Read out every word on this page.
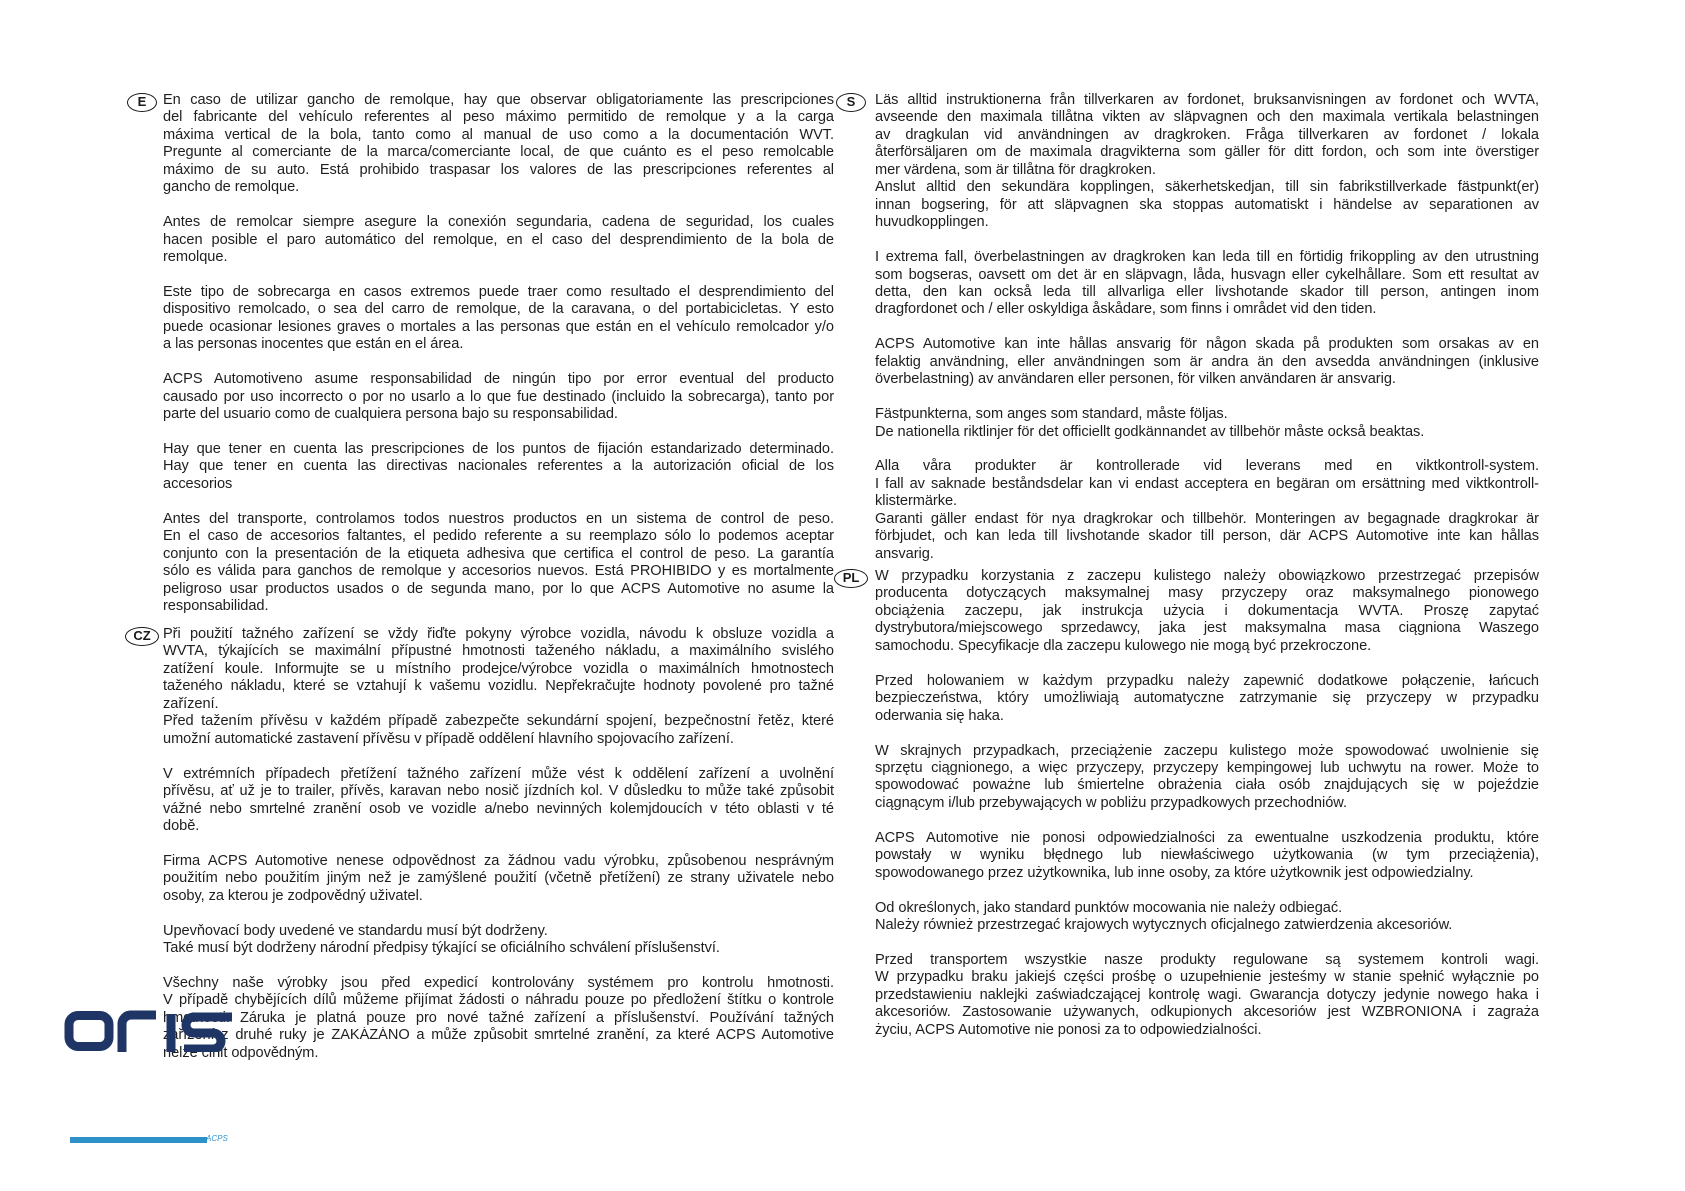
E	En caso de utilizar gancho de remolque, hay que observar obligatoriamente las prescripciones
del fabricante del vehículo referentes al peso máximo permitido de remolque y a la carga
máxima vertical de la bola, tanto como al manual de uso como a la documentación WVT.
Pregunte al comerciante de la marca/comerciante local, de que cuánto es el peso remolcable
máximo de su auto. Está prohibido traspasar los valores de las prescripciones referentes al
gancho de remolque.
Antes de remolcar siempre asegure la conexión segundaria, cadena de seguridad, los cuales
hacen posible el paro automático del remolque, en el caso del desprendimiento de la bola de
remolque.
Este tipo de sobrecarga en casos extremos puede traer como resultado el desprendimiento del
dispositivo remolcado, o sea del carro de remolque, de la caravana, o del portabicicletas. Y esto
puede ocasionar lesiones graves o mortales a las personas que están en el vehículo remolcador y/o
a las personas inocentes que están en el área.
ACPS Automotiveno asume responsabilidad de ningún tipo por error eventual del producto
causado por uso incorrecto o por no usarlo a lo que fue destinado (incluido la sobrecarga), tanto por
parte del usuario como de cualquiera persona bajo su responsabilidad.
Hay que tener en cuenta las prescripciones de los puntos de fijación estandarizado determinado.
Hay que tener en cuenta las directivas nacionales referentes a la autorización oficial de los
accesorios
Antes del transporte, controlamos todos nuestros productos en un sistema de control de peso.
En el caso de accesorios faltantes, el pedido referente a su reemplazo sólo lo podemos aceptar
conjunto con la presentación de la etiqueta adhesiva que certifica el control de peso. La garantía
sólo es válida para ganchos de remolque y accesorios nuevos. Está PROHIBIDO y es mortalmente
peligroso usar productos usados o de segunda mano, por lo que ACPS Automotive no asume la
responsabilidad.
CZ Při použití tažného zařízení se vždy řiďte pokyny výrobce vozidla, návodu k obsluze vozidla a
WVTA, týkajících se maximální přípustné hmotnosti taženého nákladu, a maximálního svislého
zatížení koule. Informujte se u místního prodejce/výrobce vozidla o maximálních hmotnostech
taženého nákladu, které se vztahují k vašemu vozidlu. Nepřekračujte hodnoty povolené pro tažné
zařízení.
Před tažením přívěsu v každém případě zabezpečte sekundární spojení, bezpečnostní řetěz, které
umožní automatické zastavení přívěsu v případě oddělení hlavního spojovacího zařízení.
V extrémních případech přetížení tažného zařízení může vést k oddělení zařízení a uvolnění
přívěsu, ať už je to trailer, přívěs, karavan nebo nosič jízdních kol. V důsledku to může také způsobit
vážné nebo smrtelné zranění osob ve vozidle a/nebo nevinných kolemjdoucích v této oblasti v té
době.
Firma ACPS Automotive nenese odpovědnost za žádnou vadu výrobku, způsobenou nesprávným
použitím nebo použitím jiným než je zamýšlené použití (včetně přetížení) ze strany uživatele nebo
osoby, za kterou je zodpovědný uživatel.
Upevňovací body uvedené ve standardu musí být dodrženy.
Také musí být dodrženy národní předpisy týkající se oficiálního schválení příslušenství.
Všechny naše výrobky jsou před expedicí kontrolovány systémem pro kontrolu hmotnosti.
V případě chybějících dílů můžeme přijímat žádosti o náhradu pouze po předložení štítku o kontrole
hmotnosti. Záruka je platná pouze pro nové tažné zařízení a příslušenství. Používání tažných
zařízení z druhé ruky je ZAKÁZÁNO a může způsobit smrtelné zranění, za které ACPS Automotive
nelze činit odpovědným.
S	Läs alltid instruktionerna från tillverkaren av fordonet, bruksanvisningen av fordonet och WVTA,
avseende den maximala tillåtna vikten av släpvagnen och den maximala vertikala belastningen
av dragkulan vid användningen av dragkroken. Fråga tillverkaren av fordonet / lokala
återförsäljaren om de maximala dragvikterna som gäller för ditt fordon, och som inte överstiger
mer värdena, som är tillåtna för dragkroken.
Anslut alltid den sekundära kopplingen, säkerhetskedjan, till sin fabrikstillverkade fästpunkt(er)
innan bogsering, för att släpvagnen ska stoppas automatiskt i händelse av separationen av
huvudkopplingen.
I extrema fall, överbelastningen av dragkroken kan leda till en förtidig frikoppling av den utrustning
som bogseras, oavsett om det är en släpvagn, låda, husvagn eller cykelhållare. Som ett resultat av
detta, den kan också leda till allvarliga eller livshotande skador till person, antingen inom
dragfordonet och / eller oskyldiga åskådare, som finns i området vid den tiden.
ACPS Automotive kan inte hållas ansvarig för någon skada på produkten som orsakas av en
felaktig användning, eller användningen som är andra än den avsedda användningen (inklusive
överbelastning) av användaren eller personen, för vilken användaren är ansvarig.
Fästpunkterna, som anges som standard, måste följas.
De nationella riktlinjer för det officiellt godkännandet av tillbehör måste också beaktas.
Alla våra produkter är kontrollerade vid leverans med en viktkontroll-system.
I fall av saknade beståndsdelar kan vi endast acceptera en begäran om ersättning med viktkontroll-
klistermärke.
Garanti gäller endast för nya dragkrokar och tillbehör. Monteringen av begagnade dragkrokar är
förbjudet, och kan leda till livshotande skador till person, där ACPS Automotive inte kan hållas
ansvarig.
PL	W przypadku korzystania z zaczepu kulistego należy obowiązkowo przestrzegać przepisów
producenta dotyczących maksymalnej masy przyczepy oraz maksymalnego pionowego
obciążenia zaczepu, jak instrukcja użycia i dokumentacja WVTA. Proszę zapytać
dystrybutora/miejscowego sprzedawcy, jaka jest maksymalna masa ciągniona Waszego
samochodu. Specyfikacje dla zaczepu kulowego nie mogą być przekroczone.
Przed holowaniem w każdym przypadku należy zapewnić dodatkowe połączenie, łańcuch
bezpieczeństwa, który umożliwiają automatyczne zatrzymanie się przyczepy w przypadku
oderwania się haka.
W skrajnych przypadkach, przeciążenie zaczepu kulistego może spowodować uwolnienie się
sprzętu ciągnionego, a więc przyczepy, przyczepy kempingowej lub uchwytu na rower. Może to
spowodować poważne lub śmiertelne obrażenia ciała osób znajdujących się w pojeździe
ciągnącym i/lub przebywających w pobliżu przypadkowych przechodniów.
ACPS Automotive nie ponosi odpowiedzialności za ewentualne uszkodzenia produktu, które
powstały w wyniku błędnego lub niewłaściwego użytkowania (w tym przeciążenia),
spowodowanego przez użytkownika, lub inne osoby, za które użytkownik jest odpowiedzialny.
Od określonych, jako standard punktów mocowania nie należy odbiegać.
Należy również przestrzegać krajowych wytycznych oficjalnego zatwierdzenia akcesoriów.
Przed transportem wszystkie nasze produkty regulowane są systemem kontroli wagi.
W przypadku braku jakiejś części prośbę o uzupełnienie jesteśmy w stanie spełnić wyłącznie po
przedstawieniu naklejki zaświadczającej kontrolę wagi. Gwarancja dotyczy jedynie nowego haka i
akcesoriów. Zastosowanie używanych, odkupionych akcesoriów jest WZBRONIONA i zagraża
życiu, ACPS Automotive nie ponosi za to odpowiedzialności.
ACPS
